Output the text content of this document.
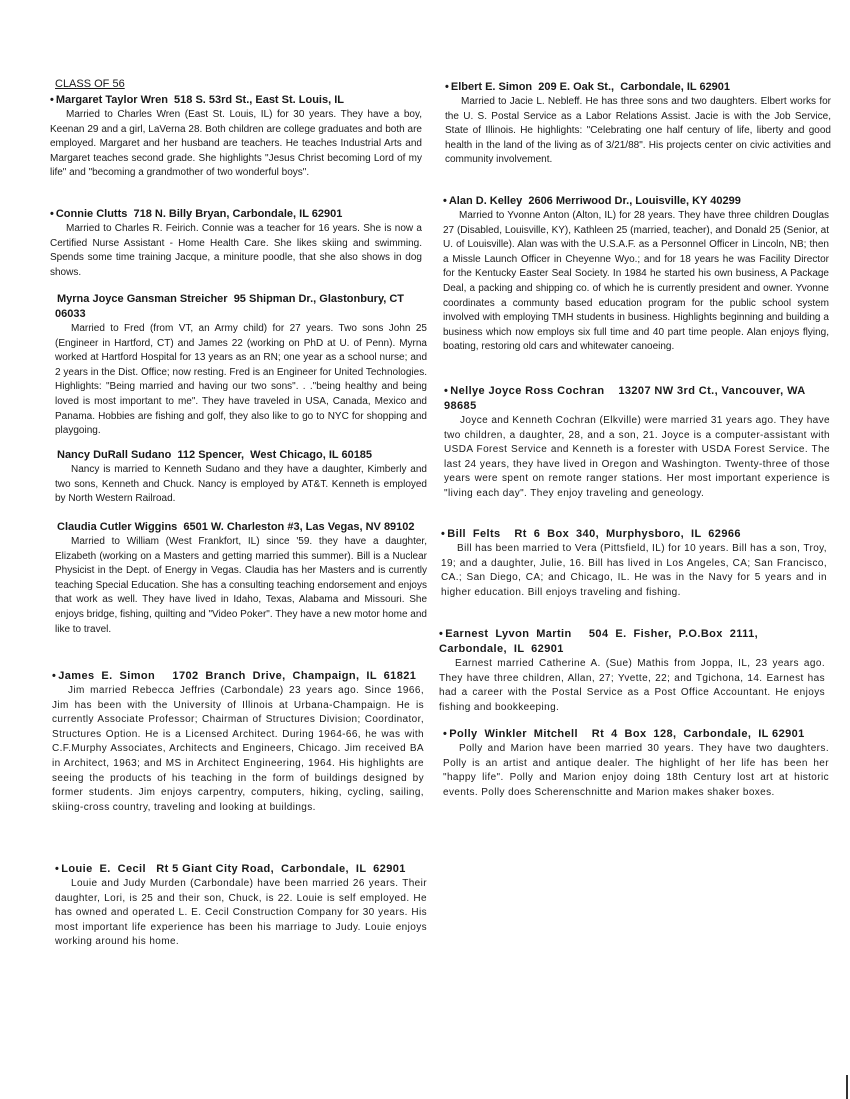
CLASS OF 56

• Margaret Taylor Wren  518 S. 53rd St., East St. Louis, IL

Married to Charles Wren (East St. Louis, IL) for 30 years. They have a boy, Keenan 29 and a girl, LaVerna 28. Both children are college graduates and both are employed. Margaret and her husband are teachers. He teaches Industrial Arts and Margaret teaches second grade. She highlights "Jesus Christ becoming Lord of my life" and "becoming a grandmother of two wonderful boys".

• Connie Clutts  718 N. Billy Bryan, Carbondale, IL 62901

Married to Charles R. Feirich. Connie was a teacher for 16 years. She is now a Certified Nurse Assistant - Home Health Care. She likes skiing and swimming. Spends some time training Jacque, a miniture poodle, that she also shows in dog shows.

Myrna Joyce Gansman Streicher  95 Shipman Dr., Glastonbury, CT 06033

Married to Fred (from VT, an Army child) for 27 years. Two sons John 25 (Engineer in Hartford, CT) and James 22 (working on PhD at U. of Penn). Myrna worked at Hartford Hospital for 13 years as an RN; one year as a school nurse; and 2 years in the Dist. Office; now resting. Fred is an Engineer for United Technologies. Highlights: "Being married and having our two sons". . ."being healthy and being loved is most important to me". They have traveled in USA, Canada, Mexico and Panama. Hobbies are fishing and golf, they also like to go to NYC for shopping and playgoing.

Nancy DuRall Sudano  112 Spencer,  West Chicago, IL 60185

Nancy is married to Kenneth Sudano and they have a daughter, Kimberly and two sons, Kenneth and Chuck. Nancy is employed by AT&T. Kenneth is employed by North Western Railroad.

Claudia Cutler Wiggins  6501 W. Charleston #3, Las Vegas, NV 89102

Married to William (West Frankfort, IL) since '59. they have a daughter, Elizabeth (working on a Masters and getting married this summer). Bill is a Nuclear Physicist in the Dept. of Energy in Vegas. Claudia has her Masters and is currently teaching Special Education. She has a consulting teaching endorsement and enjoys that work as well. They have lived in Idaho, Texas, Alabama and Missouri. She enjoys bridge, fishing, quilting and "Video Poker". They have a new motor home and like to travel.

• James  E.  Simon     1702  Branch  Drive,  Champaign,  IL  61821

Jim married Rebecca Jeffries (Carbondale) 23 years ago. Since 1966, Jim has been with the University of Illinois at Urbana-Champaign. He is currently Associate Professor; Chairman of Structures Division; Coordinator, Structures Option. He is a Licensed Architect. During 1964-66, he was with C.F.Murphy Associates, Architects and Engineers, Chicago. Jim received BA in Architect, 1963; and MS in Architect Engineering, 1964. His highlights are seeing the products of his teaching in the form of buildings designed by former students. Jim enjoys carpentry, computers, hiking, cycling, sailing, skiing-cross country, traveling and looking at buildings.

• Louie  E.  Cecil   Rt 5 Giant City Road,  Carbondale,  IL  62901

Louie and Judy Murden (Carbondale) have been married 26 years. Their daughter, Lori, is 25 and their son, Chuck, is 22. Louie is self employed. He has owned and operated L. E. Cecil Construction Company for 30 years. His most important life experience has been his marriage to Judy. Louie enjoys working around his home.

• Elbert E. Simon  209 E. Oak St.,  Carbondale, IL 62901

Married to Jacie L. Nebleff. He has three sons and two daughters. Elbert works for the U. S. Postal Service as a Labor Relations Assist. Jacie is with the Job Service, State of Illinois. He highlights: "Celebrating one half century of life, liberty and good health in the land of the living as of 3/21/88". His projects center on civic activities and community involvement.

• Alan D. Kelley  2606 Merriwood Dr., Louisville, KY 40299

Married to Yvonne Anton (Alton, IL) for 28 years. They have three children Douglas 27 (Disabled, Louisville, KY), Kathleen 25 (married, teacher), and Donald 25 (Senior, at U. of Louisville). Alan was with the U.S.A.F. as a Personnel Officer in Lincoln, NB; then a Missle Launch Officer in Cheyenne Wyo.; and for 18 years he was Facility Director for the Kentucky Easter Seal Society. In 1984 he started his own business, A Package Deal, a packing and shipping co. of which he is currently president and owner. Yvonne coordinates a communty based education program for the public school system involved with employing TMH students in business. Highlights beginning and building a business which now employs six full time and 40 part time people. Alan enjoys flying, boating, restoring old cars and whitewater canoeing.

• Nellye Joyce Ross Cochran    13207 NW 3rd Ct., Vancouver, WA  98685

Joyce and Kenneth Cochran (Elkville) were married 31 years ago. They have two children, a daughter, 28, and a son, 21. Joyce is a computer-assistant with USDA Forest Service and Kenneth is a forester with USDA Forest Service. The last 24 years, they have lived in Oregon and Washington. Twenty-three of those years were spent on remote ranger stations. Her most important experience is "living each day". They enjoy traveling and geneology.

• Bill  Felts    Rt  6  Box  340,  Murphysboro,  IL  62966

Bill has been married to Vera (Pittsfield, IL) for 10 years. Bill has a son, Troy, 19; and a daughter, Julie, 16. Bill has lived in Los Angeles, CA; San Francisco, CA.; San Diego, CA; and Chicago, IL. He was in the Navy for 5 years and in higher education. Bill enjoys traveling and fishing.

• Earnest  Lyvon  Martin     504  E.  Fisher,  P.O.Box  2111, Carbondale,  IL  62901

Earnest married Catherine A. (Sue) Mathis from Joppa, IL, 23 years ago. They have three children, Allan, 27; Yvette, 22; and Tgichona, 14. Earnest has had a career with the Postal Service as a Post Office Accountant. He enjoys fishing and bookkeeping.

• Polly  Winkler  Mitchell    Rt  4  Box  128,  Carbondale,  IL 62901

Polly and Marion have been married 30 years. They have two daughters. Polly is an artist and antique dealer. The highlight of her life has been her "happy life". Polly and Marion enjoy doing 18th Century lost art at historic events. Polly does Scherenschnitte and Marion makes shaker boxes.
